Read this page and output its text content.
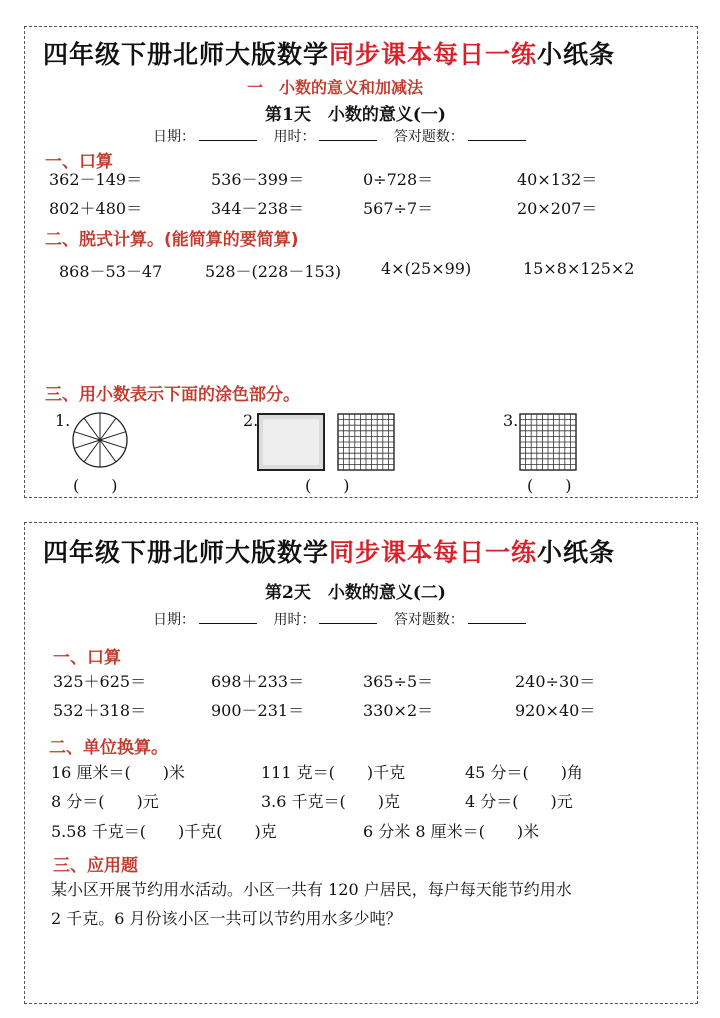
四年级下册北师大版数学同步课本每日一练小纸条
一　小数的意义和加减法
第1天　小数的意义(一)
日期：	用时：	答对题数：
一、口算
362－149＝	536－399＝	0÷728＝	40×132＝
802＋480＝	344－238＝	567÷7＝	20×207＝
二、脱式计算。(能简算的要简算)
868－53－47	528－(228－153) 4×(25×99)	15×8×125×2
三、用小数表示下面的涂色部分。
1.
(　　)
2.
(　　)
3.
(　　)
四年级下册北师大版数学同步课本每日一练小纸条
第2天　小数的意义(二)
日期：	用时：	答对题数：
一、口算
325＋625＝	698＋233＝	365÷5＝	240÷30＝
532＋318＝	900－231＝	330×2＝	920×40＝
二、单位换算。
16 厘米＝(　　)米	111 克＝(　　)千克	45 分＝(　　)角
8 分＝(　　)元	3.6 千克＝(　　)克	4 分＝(　　)元
5.58 千克＝(　　)千克(　　)克	6 分米 8 厘米＝(　　)米
三、应用题
某小区开展节约用水活动。小区一共有 120 户居民，每户每天能节约用水
2 千克。6 月份该小区一共可以节约用水多少吨？
